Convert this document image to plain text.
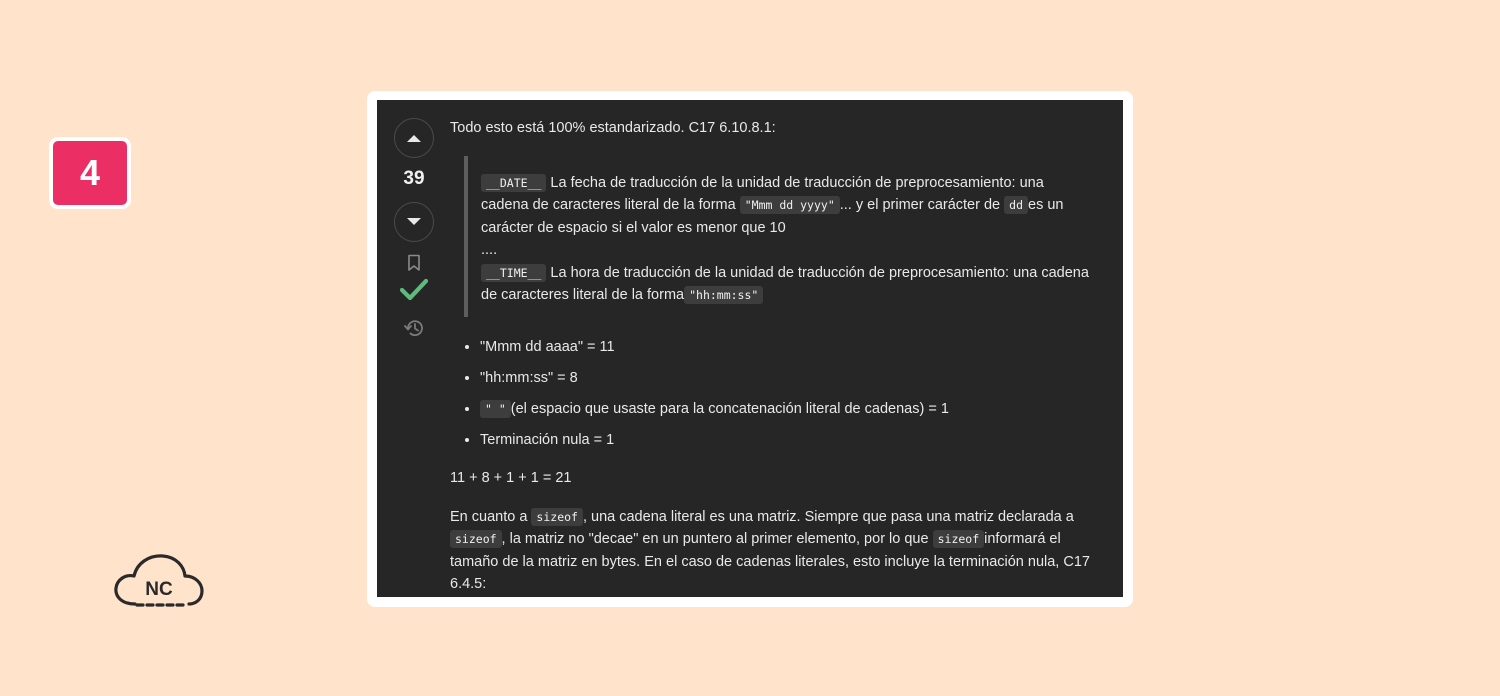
4
NC
39

Todo esto está 100% estandarizado. C17 6.10.8.1:

__DATE__ La fecha de traducción de la unidad de traducción de preprocesamiento: una cadena de caracteres literal de la forma "Mmm dd yyyy" ... y el primer carácter de dd es un carácter de espacio si el valor es menor que 10
....
__TIME__ La hora de traducción de la unidad de traducción de preprocesamiento: una cadena de caracteres literal de la forma "hh:mm:ss"
• "Mmm dd aaaa" = 11
• "hh:mm:ss" = 8
• " " (el espacio que usaste para la concatenación literal de cadenas) = 1
• Terminación nula = 1

11 + 8 + 1 + 1 = 21

En cuanto a sizeof , una cadena literal es una matriz. Siempre que pasa una matriz declarada a sizeof , la matriz no "decae" en un puntero al primer elemento, por lo que sizeof informará el tamaño de la matriz en bytes. En el caso de cadenas literales, esto incluye la terminación nula, C17 6.4.5:
